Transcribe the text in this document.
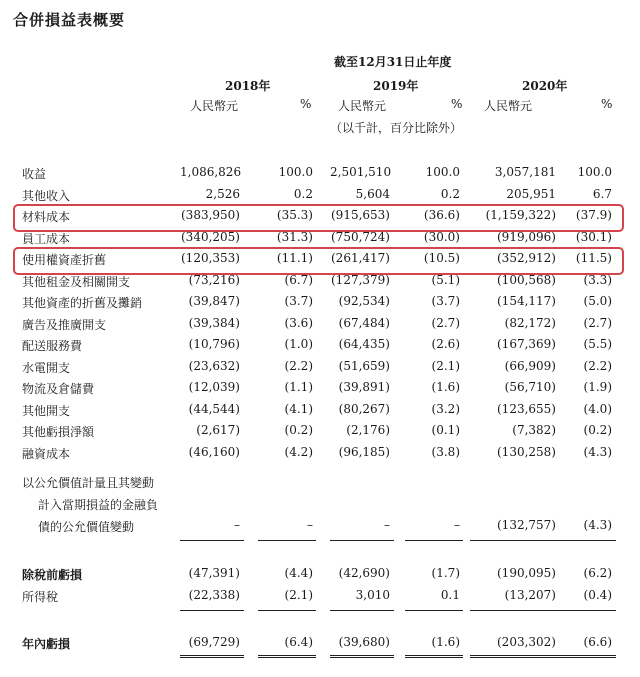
合併損益表概要
截至12月31日止年度
2018年	2019年	2020年
人民幣元	% 人民幣元	% 人民幣元	%
（以千計，百分比除外）
收益	1,086,826	100.0 2,501,510	100.0	3,057,181	100.0
其他收入	2,526	0.2	5,604	0.2	205,951	6.7
材料成本	(383,950)	(35.3) (915,653)	(36.6)	(1,159,322)	(37.9)
員工成本	(340,205)	(31.3) (750,724)	(30.0)	(919,096)	(30.1)
使用權資產折舊	(120,353)	(11.1) (261,417)	(10.5)	(352,912)	(11.5)
其他租金及相關開支	(73,216)	(6.7) (127,379)	(5.1)	(100,568)	(3.3)
其他資產的折舊及攤銷	(39,847)	(3.7)	(92,534)	(3.7)	(154,117)	(5.0)
廣告及推廣開支	(39,384)	(3.6)	(67,484)	(2.7)	(82,172)	(2.7)
配送服務費	(10,796)	(1.0)	(64,435)	(2.6)	(167,369)	(5.5)
水電開支	(23,632)	(2.2)	(51,659)	(2.1)	(66,909)	(2.2)
物流及倉儲費	(12,039)	(1.1)	(39,891)	(1.6)	(56,710)	(1.9)
其他開支	(44,544)	(4.1)	(80,267)	(3.2)	(123,655)	(4.0)
其他虧損淨額	(2,617)	(0.2)	(2,176)	(0.1)	(7,382)	(0.2)
融資成本	(46,160)	(4.2)	(96,185)	(3.8)	(130,258)	(4.3)
以公允價值計量且其變動
計入當期損益的金融負
債的公允價值變動	–	–	–	–	(132,757)	(4.3)
除稅前虧損	(47,391)	(4.4)	(42,690)	(1.7)	(190,095)	(6.2)
所得稅	(22,338)	(2.1)	3,010	0.1	(13,207)	(0.4)
年內虧損	(69,729)	(6.4)	(39,680)	(1.6)	(203,302)	(6.6)
